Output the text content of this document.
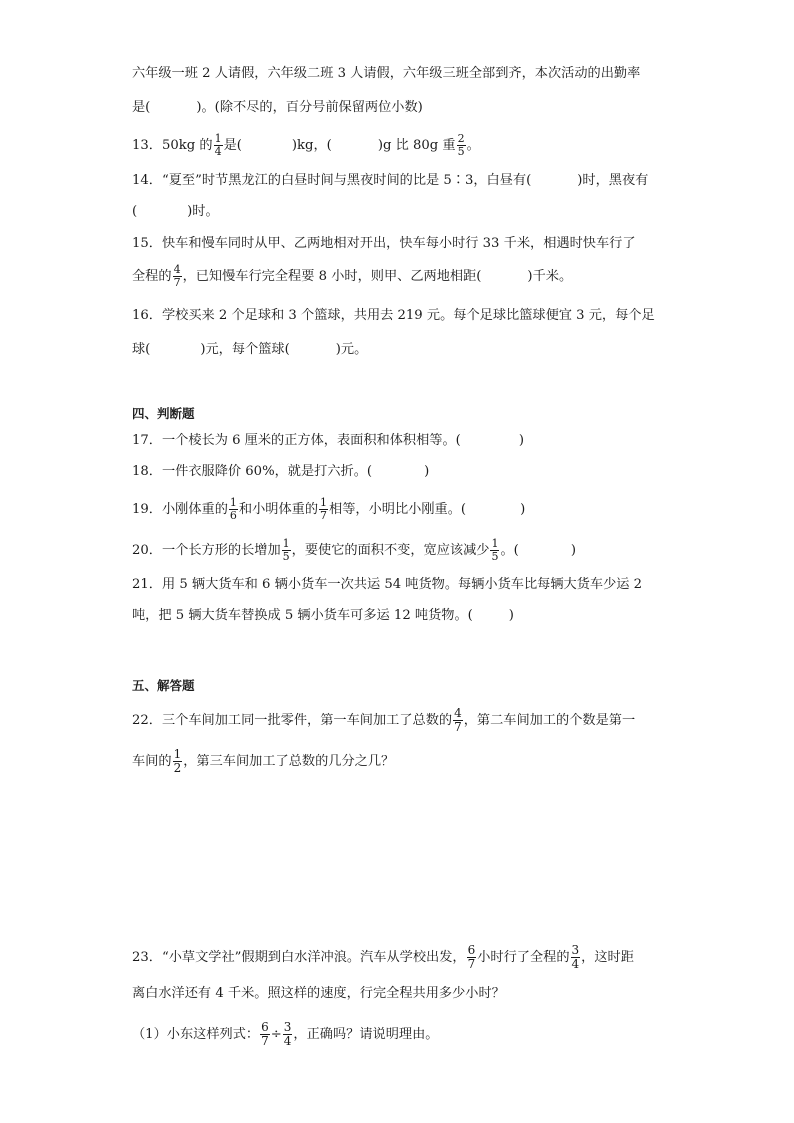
六年级一班 2 人请假，六年级二班 3 人请假，六年级三班全部到齐，本次活动的出勤率
是(	)。(除不尽的，百分号前保留两位小数)
13．50kg 的 $\frac{1}{4}$ 是(	)kg，(	)g 比 80g 重 $\frac{2}{5}$ 。
14．“夏至”时节黑龙江的白昼时间与黑夜时间的比是 5∶3，白昼有(	)时，黑夜有
(	)时。
15．快车和慢车同时从甲、乙两地相对开出，快车每小时行 33 千米，相遇时快车行了
全程的 $\frac{4}{7}$ ，已知慢车行完全程要 8 小时，则甲、乙两地相距(	)千米。
16．学校买来 2 个足球和 3 个篮球，共用去 219 元。每个足球比篮球便宜 3 元，每个足
球(	)元，每个篮球(	)元。
四、判断题
17．一个棱长为 6 厘米的正方体，表面积和体积相等。(	)
18．一件衣服降价 60%，就是打六折。(	)
19．小刚体重的 $\frac{1}{6}$ 和小明体重的 $\frac{1}{7}$ 相等，小明比小刚重。(	)
20．一个长方形的长增加 $\frac{1}{5}$ ，要使它的面积不变，宽应该减少 $\frac{1}{5}$ 。(	)
21．用 5 辆大货车和 6 辆小货车一次共运 54 吨货物。每辆小货车比每辆大货车少运 2
吨，把 5 辆大货车替换成 5 辆小货车可多运 12 吨货物。(	)
五、解答题
22．三个车间加工同一批零件，第一车间加工了总数的 $\frac{4}{7}$ ，第二车间加工的个数是第一
车间的 $\frac{1}{2}$ ，第三车间加工了总数的几分之几？
23．“小草文学社”假期到白水洋冲浪。汽车从学校出发， $\frac{6}{7}$ 小时行了全程的 $\frac{3}{4}$ ，这时距
离白水洋还有 4 千米。照这样的速度，行完全程共用多少小时？
（1）小东这样列式： $\frac{6}{7} \div \frac{3}{4}$ ，正确吗？请说明理由。
